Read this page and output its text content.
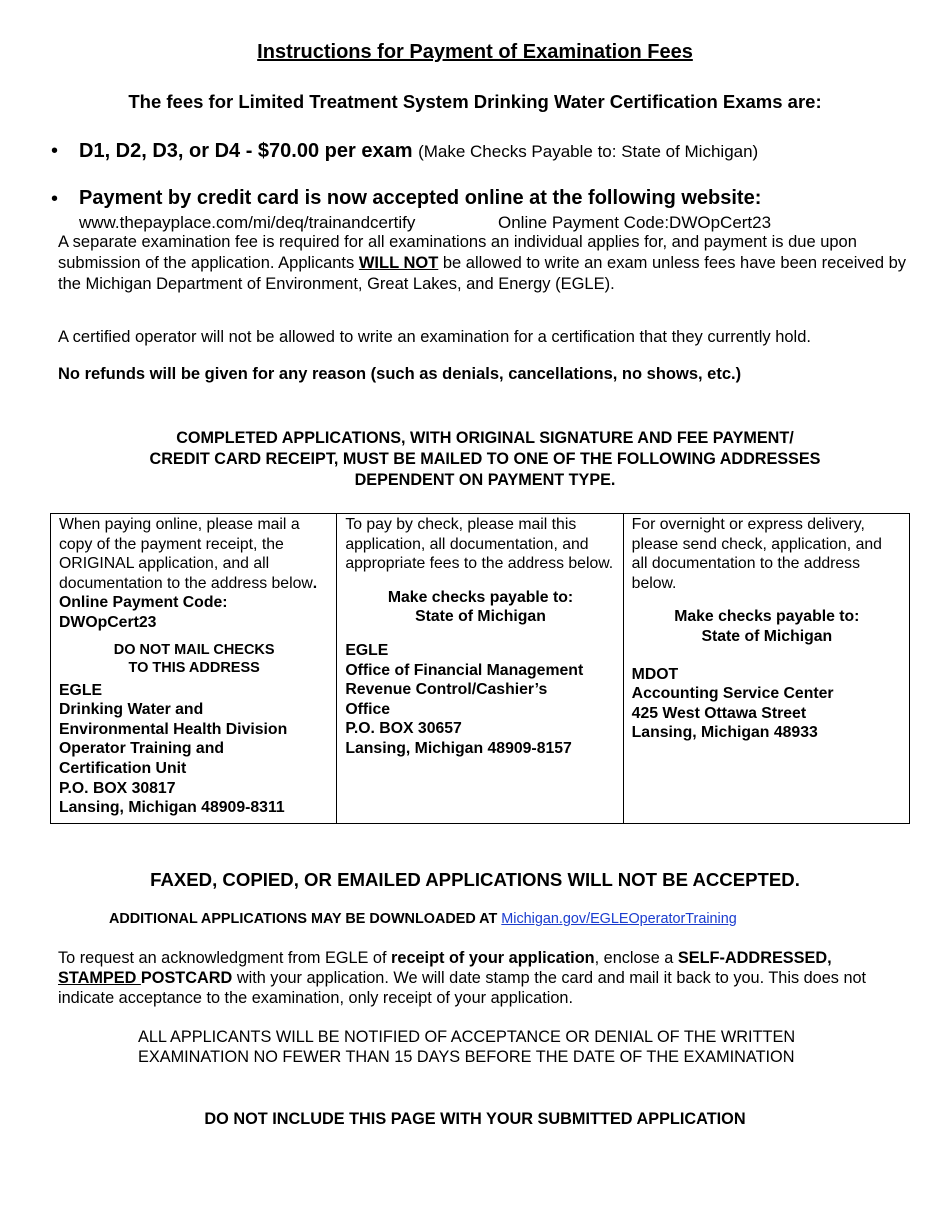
Instructions for Payment of Examination Fees
The fees for Limited Treatment System Drinking Water Certification Exams are:
• D1, D2, D3, or D4 - $70.00 per exam (Make Checks Payable to: State of Michigan)
• Payment by credit card is now accepted online at the following website:
www.thepayplace.com/mi/deq/trainandcertify	Online Payment Code:DWOpCert23

A separate examination fee is required for all examinations an individual applies for, and payment is due upon submission of the application. Applicants WILL NOT be allowed to write an exam unless fees have been received by the Michigan Department of Environment, Great Lakes, and Energy (EGLE).

A certified operator will not be allowed to write an examination for a certification that they currently hold.

No refunds will be given for any reason (such as denials, cancellations, no shows, etc.)

COMPLETED APPLICATIONS, WITH ORIGINAL SIGNATURE AND FEE PAYMENT/
CREDIT CARD RECEIPT, MUST BE MAILED TO ONE OF THE FOLLOWING ADDRESSES
DEPENDENT ON PAYMENT TYPE.
When paying online, please mail a copy of the payment receipt, the ORIGINAL application, and all documentation to the address below. Online Payment Code:
DWOpCert23
DO NOT MAIL CHECKS
TO THIS ADDRESS
EGLE
Drinking Water and
Environmental Health Division
Operator Training and
Certification Unit
P.O. BOX 30817
Lansing, Michigan 48909-8311

To pay by check, please mail this application, all documentation, and appropriate fees to the address below.
Make checks payable to:
State of Michigan
EGLE
Office of Financial Management
Revenue Control/Cashier’s
Office
P.O. BOX 30657
Lansing, Michigan 48909-8157

For overnight or express delivery, please send check, application, and all documentation to the address below.
Make checks payable to:
State of Michigan
MDOT
Accounting Service Center
425 West Ottawa Street
Lansing, Michigan 48933
FAXED, COPIED, OR EMAILED APPLICATIONS WILL NOT BE ACCEPTED.
ADDITIONAL APPLICATIONS MAY BE DOWNLOADED AT Michigan.gov/EGLEOperatorTraining

To request an acknowledgment from EGLE of receipt of your application, enclose a SELF-ADDRESSED,
STAMPED POSTCARD with your application. We will date stamp the card and mail it back to you. This does not indicate acceptance to the examination, only receipt of your application.

ALL APPLICANTS WILL BE NOTIFIED OF ACCEPTANCE OR DENIAL OF THE WRITTEN
EXAMINATION NO FEWER THAN 15 DAYS BEFORE THE DATE OF THE EXAMINATION
DO NOT INCLUDE THIS PAGE WITH YOUR SUBMITTED APPLICATION
